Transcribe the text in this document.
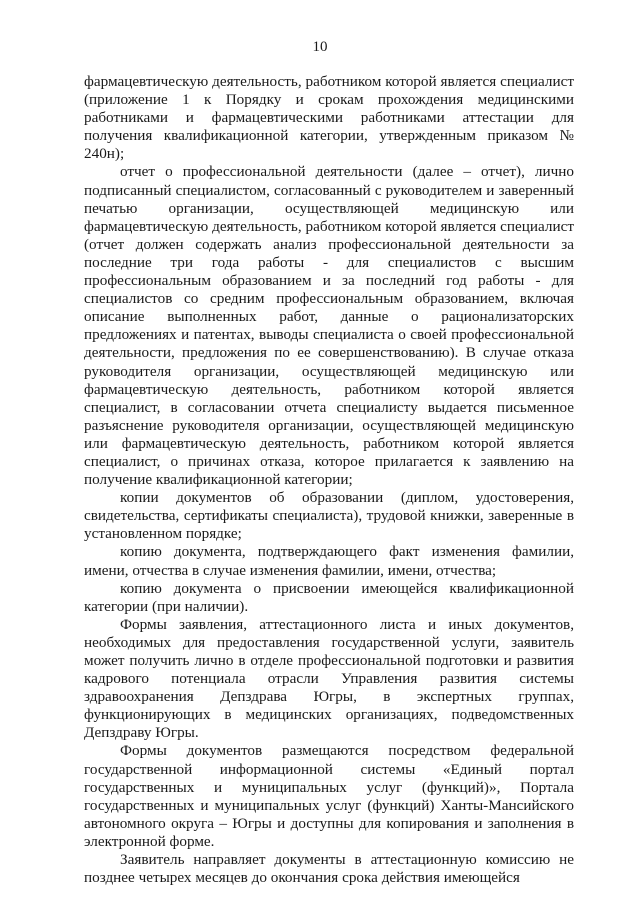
10

фармацевтическую деятельность, работником которой является специалист (приложение 1 к Порядку и срокам прохождения медицинскими работниками и фармацевтическими работниками аттестации для получения квалификационной категории, утвержденным приказом № 240н);

отчет о профессиональной деятельности (далее – отчет), лично подписанный специалистом, согласованный с руководителем и заверенный печатью организации, осуществляющей медицинскую или фармацевтическую деятельность, работником которой является специалист (отчет должен содержать анализ профессиональной деятельности за последние три года работы - для специалистов с высшим профессиональным образованием и за последний год работы - для специалистов со средним профессиональным образованием, включая описание выполненных работ, данные о рационализаторских предложениях и патентах, выводы специалиста о своей профессиональной деятельности, предложения по ее совершенствованию). В случае отказа руководителя организации, осуществляющей медицинскую или фармацевтическую деятельность, работником которой является специалист, в согласовании отчета специалисту выдается письменное разъяснение руководителя организации, осуществляющей медицинскую или фармацевтическую деятельность, работником которой является специалист, о причинах отказа, которое прилагается к заявлению на получение квалификационной категории;

копии документов об образовании (диплом, удостоверения, свидетельства, сертификаты специалиста), трудовой книжки, заверенные в установленном порядке;

копию документа, подтверждающего факт изменения фамилии, имени, отчества в случае изменения фамилии, имени, отчества;

копию документа о присвоении имеющейся квалификационной категории (при наличии).

Формы заявления, аттестационного листа и иных документов, необходимых для предоставления государственной услуги, заявитель может получить лично в отделе профессиональной подготовки и развития кадрового потенциала отрасли Управления развития системы здравоохранения Депздрава Югры, в экспертных группах, функционирующих в медицинских организациях, подведомственных Депздраву Югры.

Формы документов размещаются посредством федеральной государственной информационной системы «Единый портал государственных и муниципальных услуг (функций)», Портала государственных и муниципальных услуг (функций) Ханты-Мансийского автономного округа – Югры и доступны для копирования и заполнения в электронной форме.

Заявитель направляет документы в аттестационную комиссию не позднее четырех месяцев до окончания срока действия имеющейся
